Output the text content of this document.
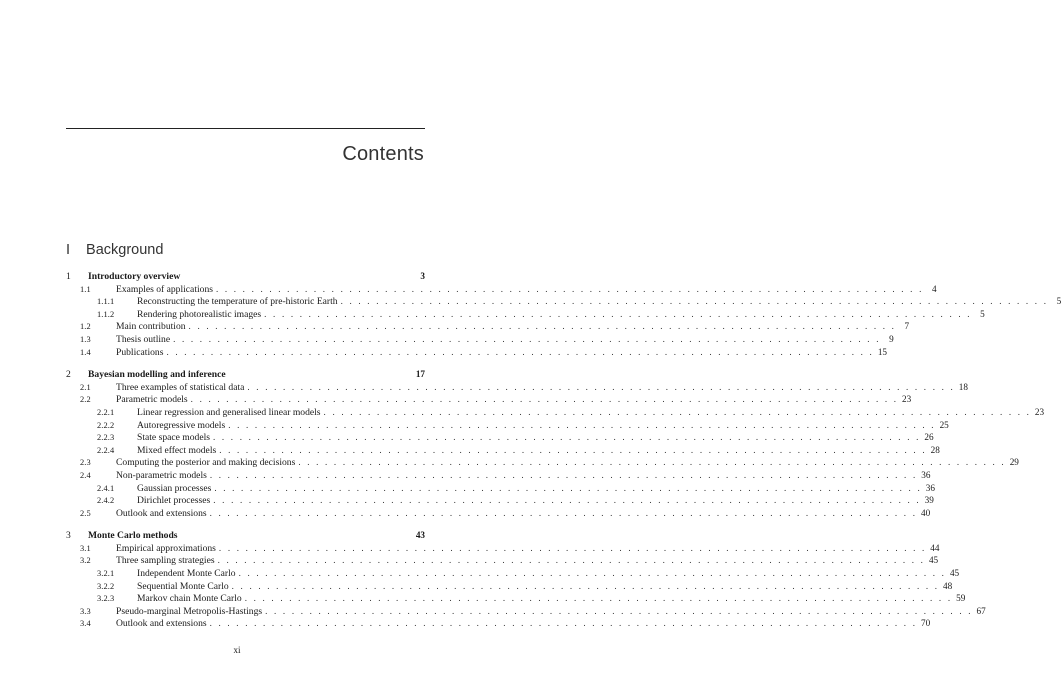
Contents
I Background
1	Introductory overview	3
1.1	Examples of applications . . . . . . . . . . . . . . . . . . . . . . . . . . . . . . . . . . . . . . . . . . . . . . . . . . . . . . . . . . . . . . . . . . . . . . . . . . . . . . . . 4
1.1.1	Reconstructing the temperature of pre-historic Earth . . . . . . . . . . . . . . . . . . . . . . . . . . . . . . . . . . . . . . . . . . . . . . . . . . . . . . . . . . . . . . . . . . . . . . . . . . . . . . . . 5
1.1.2	Rendering photorealistic images . . . . . . . . . . . . . . . . . . . . . . . . . . . . . . . . . . . . . . . . . . . . . . . . . . . . . . . . . . . . . . . . . . . . . . . . . . . . . . . . 5
1.2	Main contribution . . . . . . . . . . . . . . . . . . . . . . . . . . . . . . . . . . . . . . . . . . . . . . . . . . . . . . . . . . . . . . . . . . . . . . . . . . . . . . . . 7
1.3	Thesis outline . . . . . . . . . . . . . . . . . . . . . . . . . . . . . . . . . . . . . . . . . . . . . . . . . . . . . . . . . . . . . . . . . . . . . . . . . . . . . . . . 9
1.4	Publications . . . . . . . . . . . . . . . . . . . . . . . . . . . . . . . . . . . . . . . . . . . . . . . . . . . . . . . . . . . . . . . . . . . . . . . . . . . . . . . . 15
2	Bayesian modelling and inference	17
2.1	Three examples of statistical data . . . . . . . . . . . . . . . . . . . . . . . . . . . . . . . . . . . . . . . . . . . . . . . . . . . . . . . . . . . . . . . . . . . . . . . . . . . . . . . . 18
2.2	Parametric models . . . . . . . . . . . . . . . . . . . . . . . . . . . . . . . . . . . . . . . . . . . . . . . . . . . . . . . . . . . . . . . . . . . . . . . . . . . . . . . . 23
2.2.1	Linear regression and generalised linear models . . . . . . . . . . . . . . . . . . . . . . . . . . . . . . . . . . . . . . . . . . . . . . . . . . . . . . . . . . . . . . . . . . . . . . . . . . . . . . . . 23
2.2.2	Autoregressive models . . . . . . . . . . . . . . . . . . . . . . . . . . . . . . . . . . . . . . . . . . . . . . . . . . . . . . . . . . . . . . . . . . . . . . . . . . . . . . . . 25
2.2.3	State space models . . . . . . . . . . . . . . . . . . . . . . . . . . . . . . . . . . . . . . . . . . . . . . . . . . . . . . . . . . . . . . . . . . . . . . . . . . . . . . . . 26
2.2.4	Mixed effect models . . . . . . . . . . . . . . . . . . . . . . . . . . . . . . . . . . . . . . . . . . . . . . . . . . . . . . . . . . . . . . . . . . . . . . . . . . . . . . . . 28
2.3	Computing the posterior and making decisions . . . . . . . . . . . . . . . . . . . . . . . . . . . . . . . . . . . . . . . . . . . . . . . . . . . . . . . . . . . . . . . . . . . . . . . . . . . . . . . . 29
2.4	Non-parametric models . . . . . . . . . . . . . . . . . . . . . . . . . . . . . . . . . . . . . . . . . . . . . . . . . . . . . . . . . . . . . . . . . . . . . . . . . . . . . . . . 36
2.4.1	Gaussian processes . . . . . . . . . . . . . . . . . . . . . . . . . . . . . . . . . . . . . . . . . . . . . . . . . . . . . . . . . . . . . . . . . . . . . . . . . . . . . . . . 36
2.4.2	Dirichlet processes . . . . . . . . . . . . . . . . . . . . . . . . . . . . . . . . . . . . . . . . . . . . . . . . . . . . . . . . . . . . . . . . . . . . . . . . . . . . . . . . 39
2.5	Outlook and extensions . . . . . . . . . . . . . . . . . . . . . . . . . . . . . . . . . . . . . . . . . . . . . . . . . . . . . . . . . . . . . . . . . . . . . . . . . . . . . . . . 40
3	Monte Carlo methods	43
3.1	Empirical approximations . . . . . . . . . . . . . . . . . . . . . . . . . . . . . . . . . . . . . . . . . . . . . . . . . . . . . . . . . . . . . . . . . . . . . . . . . . . . . . . . 44
3.2	Three sampling strategies . . . . . . . . . . . . . . . . . . . . . . . . . . . . . . . . . . . . . . . . . . . . . . . . . . . . . . . . . . . . . . . . . . . . . . . . . . . . . . . . 45
3.2.1	Independent Monte Carlo . . . . . . . . . . . . . . . . . . . . . . . . . . . . . . . . . . . . . . . . . . . . . . . . . . . . . . . . . . . . . . . . . . . . . . . . . . . . . . . . 45
3.2.2	Sequential Monte Carlo . . . . . . . . . . . . . . . . . . . . . . . . . . . . . . . . . . . . . . . . . . . . . . . . . . . . . . . . . . . . . . . . . . . . . . . . . . . . . . . . 48
3.2.3	Markov chain Monte Carlo . . . . . . . . . . . . . . . . . . . . . . . . . . . . . . . . . . . . . . . . . . . . . . . . . . . . . . . . . . . . . . . . . . . . . . . . . . . . . . . . 59
3.3	Pseudo-marginal Metropolis-Hastings . . . . . . . . . . . . . . . . . . . . . . . . . . . . . . . . . . . . . . . . . . . . . . . . . . . . . . . . . . . . . . . . . . . . . . . . . . . . . . . . 67
3.4	Outlook and extensions . . . . . . . . . . . . . . . . . . . . . . . . . . . . . . . . . . . . . . . . . . . . . . . . . . . . . . . . . . . . . . . . . . . . . . . . . . . . . . . . 70
xi
